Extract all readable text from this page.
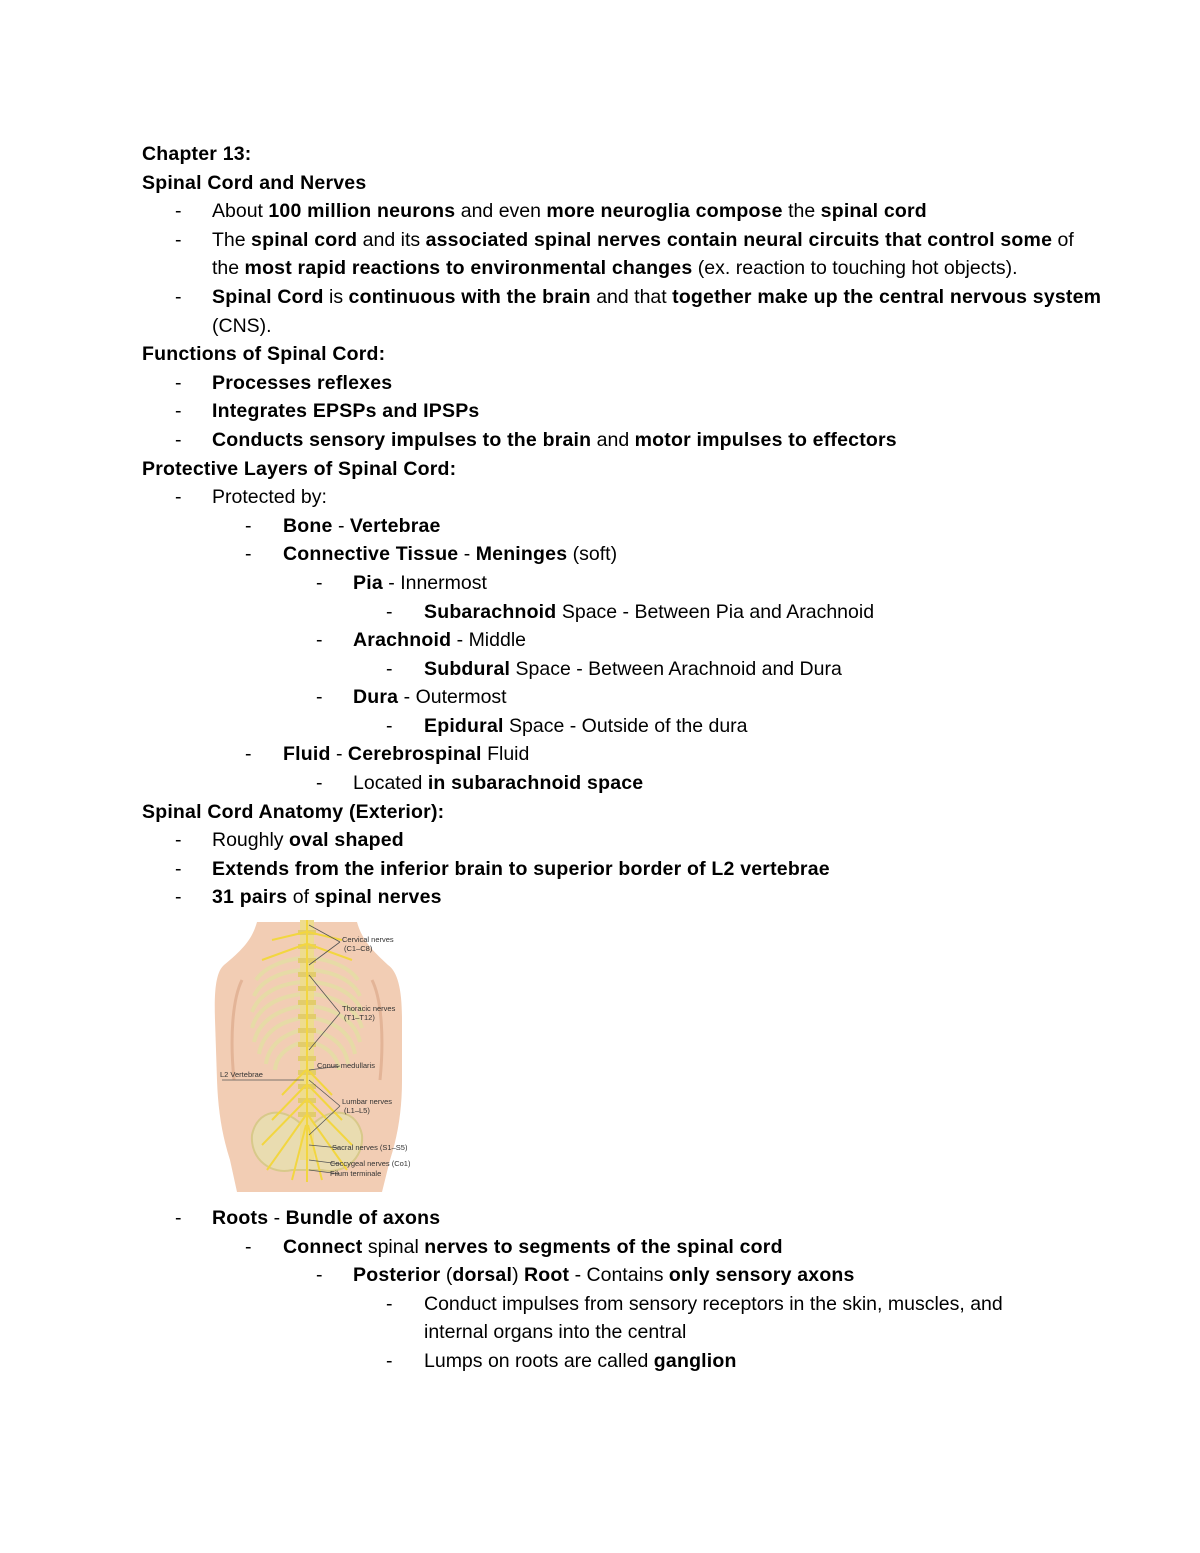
Chapter 13:
Spinal Cord and Nerves
-	About 100 million neurons and even more neuroglia compose the spinal cord
-	The spinal cord and its associated spinal nerves contain neural circuits that control some of the most rapid reactions to environmental changes (ex. reaction to touching hot objects).
-	Spinal Cord is continuous with the brain and that together make up the central nervous system (CNS).
Functions of Spinal Cord:
-	Processes reflexes
-	Integrates EPSPs and IPSPs
-	Conducts sensory impulses to the brain and motor impulses to effectors
Protective Layers of Spinal Cord:
-	Protected by:
-	Bone - Vertebrae
-	Connective Tissue - Meninges (soft)
-	Pia - Innermost
-	Subarachnoid Space - Between Pia and Arachnoid
-	Arachnoid - Middle
-	Subdural Space - Between Arachnoid and Dura
-	Dura - Outermost
-	Epidural Space - Outside of the dura
-	Fluid - Cerebrospinal Fluid
-	Located in subarachnoid space
Spinal Cord Anatomy (Exterior):
-	Roughly oval shaped
-	Extends from the inferior brain to superior border of L2 vertebrae
-	31 pairs of spinal nerves
Cervical nerves
(C1–C8)
Thoracic nerves
(T1–T12)
Conus medullaris
L2 Vertebrae
Lumbar nerves
(L1–L5)
Sacral nerves (S1–S5)
Coccygeal nerves (Co1)
Filum terminale
-	Roots - Bundle of axons
-	Connect spinal nerves to segments of the spinal cord
-	Posterior (dorsal) Root - Contains only sensory axons
-	Conduct impulses from sensory receptors in the skin, muscles, and internal organs into the central
-	Lumps on roots are called ganglion
